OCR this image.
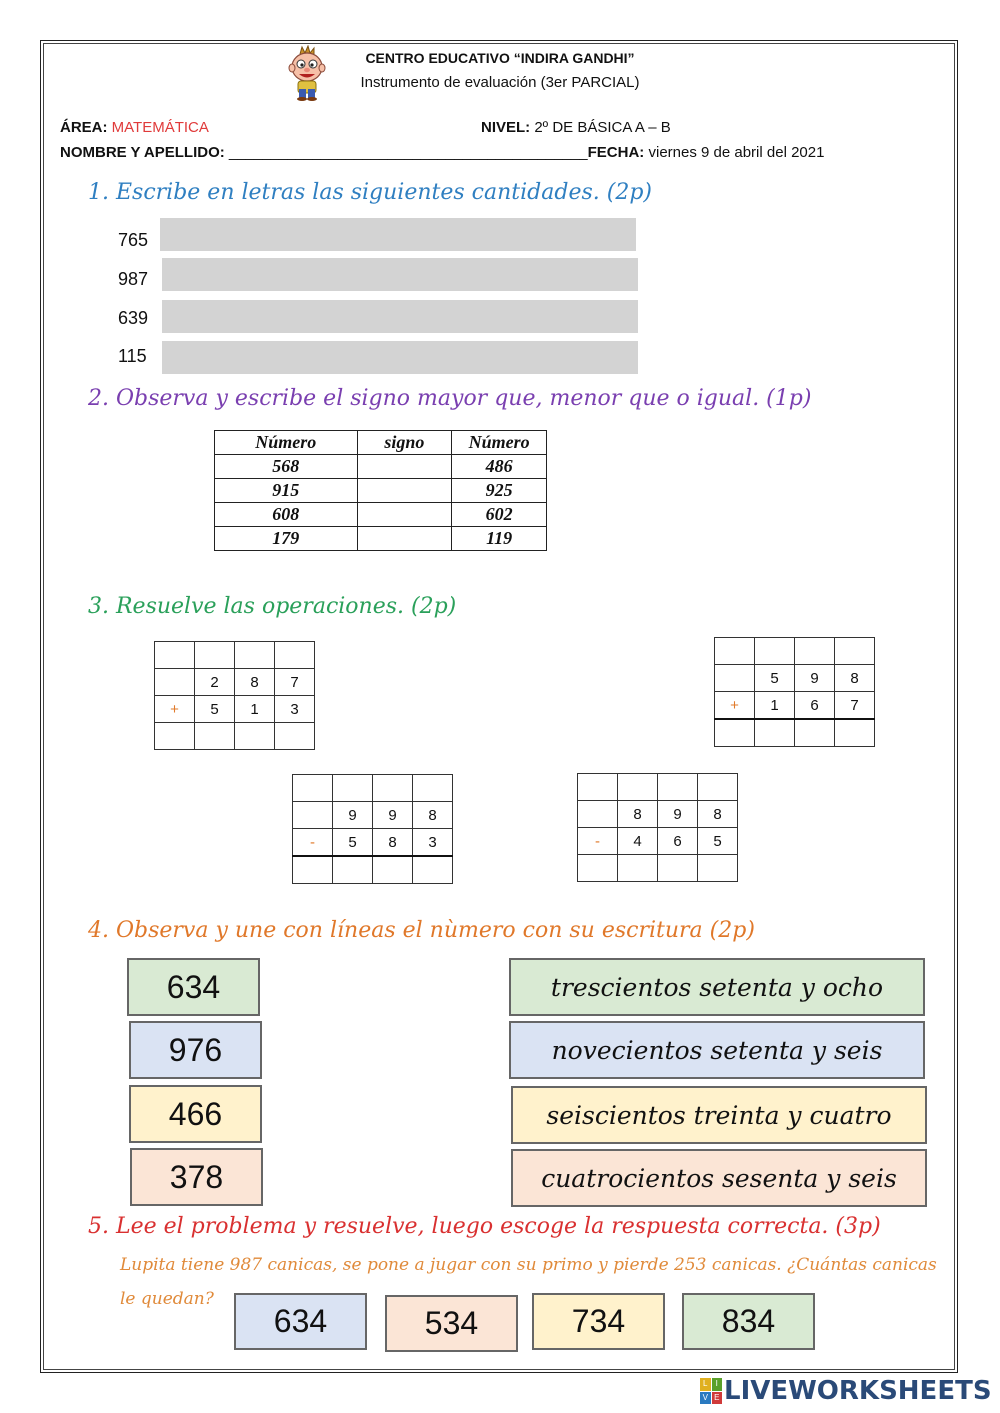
CENTRO EDUCATIVO “INDIRA GANDHI”
Instrumento de evaluación (3er PARCIAL)
ÁREA: MATEMÁTICA	NIVEL: 2º DE BÁSICA A – B
NOMBRE Y APELLIDO: ___________________________________________FECHA: viernes 9 de abril del 2021
1. Escribe en letras las siguientes cantidades. (2p)
765
987
639
115
2. Observa y escribe el signo mayor que, menor que o igual. (1p)
Número	signo	Número
568		486
915		925
608		602
179		119
3. Resuelve las operaciones. (2p)

	2	8	7
+	5	1	3

	5	9	8
+	1	6	7

	9	9	8
-	5	8	3

	8	9	8
-	4	6	5

4. Observa y une con líneas el nùmero con su escritura (2p)
634
976
466
378
trescientos setenta y ocho
novecientos setenta y seis
seiscientos treinta y cuatro
cuatrocientos sesenta y seis
5. Lee el problema y resuelve, luego escoge la respuesta correcta. (3p)
Lupita tiene 987 canicas, se pone a jugar con su primo y pierde 253 canicas. ¿Cuántas canicas
le quedan?
634	534	734	834
L	I
V E LIVEWORKSHEETS
